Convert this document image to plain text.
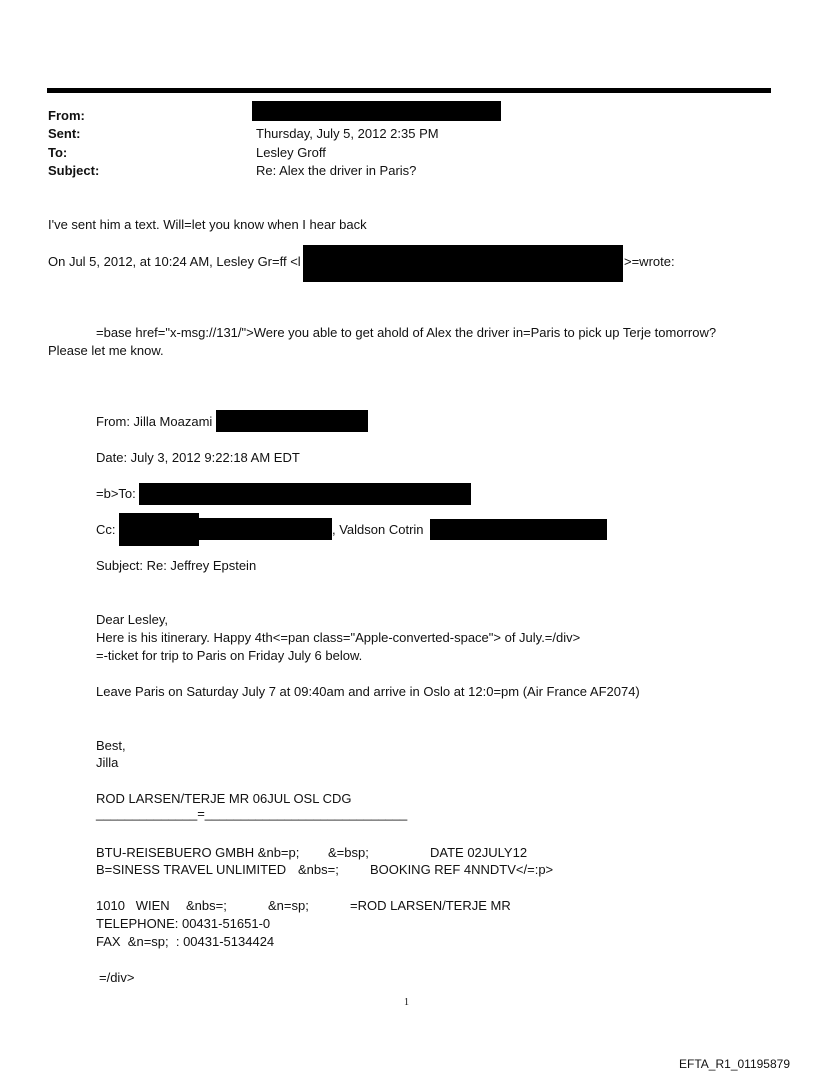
From:
Sent:	Thursday, July 5, 2012 2:35 PM
To:	Lesley Groff
Subject:	Re: Alex the driver in Paris?
I've sent him a text. Will=let you know when I hear back
On Jul 5, 2012, at 10:24 AM, Lesley Gr=ff <l	>=wrote:
=base href="x-msg://131/">Were you able to get ahold of Alex the driver in=Paris to pick up Terje tomorrow?
Please let me know.
From: Jilla Moazami
Date: July 3, 2012 9:22:18 AM EDT
=b>To:
Cc:	, Valdson Cotrin
Subject: Re: Jeffrey Epstein
Dear Lesley,
Here is his itinerary. Happy 4th<=pan class="Apple-converted-space"> of July.=/div>
=-ticket for trip to Paris on Friday July 6 below.
Leave Paris on Saturday July 7 at 09:40am and arrive in Oslo at 12:0=pm (Air France AF2074)
Best,
Jilla
ROD LARSEN/TERJE MR 06JUL OSL CDG
______________=____________________________
BTU-REISEBUERO GMBH &nb=p; &=bsp;	DATE 02JULY12
B=SINESS TRAVEL UNLIMITED &nbs=; BOOKING REF 4NNDTV</=:p>
1010   WIEN &nbs=;	&n=sp;	=ROD LARSEN/TERJE MR
TELEPHONE: 00431-51651-0
FAX  &n=sp;  : 00431-5134424
=/div>
1
EFTA_R1_01195879
